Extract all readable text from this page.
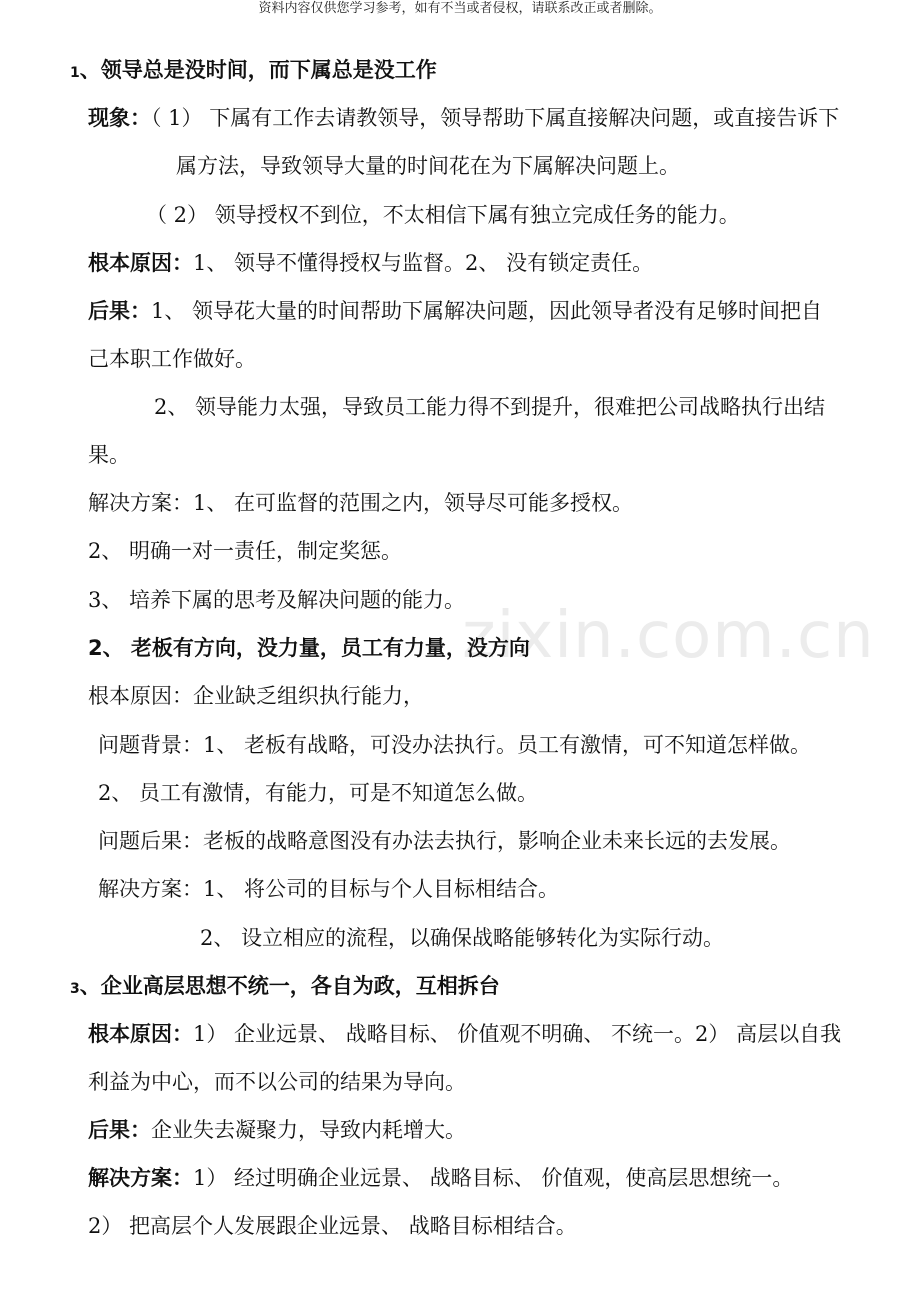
资料内容仅供您学习参考，如有不当或者侵权，请联系改正或者删除。
zixin.com.cn
1、领导总是没时间，而下属总是没工作
现象：（ 1） 下属有工作去请教领导，领导帮助下属直接解决问题，或直接告诉下
属方法，导致领导大量的时间花在为下属解决问题上。
（ 2） 领导授权不到位，不太相信下属有独立完成任务的能力。
根本原因：1、 领导不懂得授权与监督。2、 没有锁定责任。
后果：1、 领导花大量的时间帮助下属解决问题，因此领导者没有足够时间把自
己本职工作做好。
2、 领导能力太强，导致员工能力得不到提升，很难把公司战略执行出结
果。
解决方案：1、 在可监督的范围之内，领导尽可能多授权。
2、 明确一对一责任，制定奖惩。
3、 培养下属的思考及解决问题的能力。
2、 老板有方向，没力量，员工有力量，没方向
根本原因：企业缺乏组织执行能力，
问题背景：1、 老板有战略，可没办法执行。员工有激情，可不知道怎样做。
2、 员工有激情，有能力，可是不知道怎么做。
问题后果：老板的战略意图没有办法去执行，影响企业未来长远的去发展。
解决方案：1、 将公司的目标与个人目标相结合。
2、 设立相应的流程，以确保战略能够转化为实际行动。
3、企业高层思想不统一，各自为政，互相拆台
根本原因：1） 企业远景、 战略目标、 价值观不明确、 不统一。2） 高层以自我
利益为中心，而不以公司的结果为导向。
后果：企业失去凝聚力，导致内耗增大。
解决方案：1） 经过明确企业远景、 战略目标、 价值观，使高层思想统一。
2） 把高层个人发展跟企业远景、 战略目标相结合。
